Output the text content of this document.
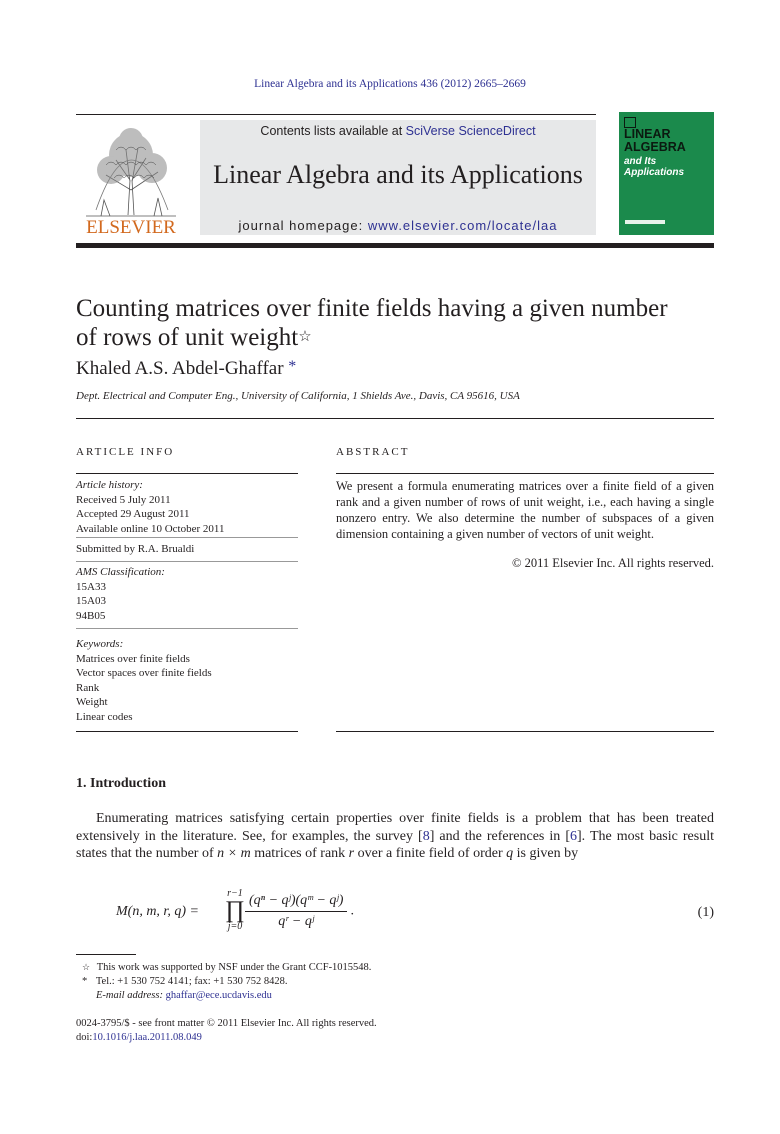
Linear Algebra and its Applications 436 (2012) 2665–2669
ELSEVIER
Contents lists available at SciVerse ScienceDirect
Linear Algebra and its Applications
journal homepage: www.elsevier.com/locate/laa
LINEAR
ALGEBRA
and Its
Applications
Counting matrices over finite fields having a given number
of rows of unit weight☆
Khaled A.S. Abdel-Ghaffar *
Dept. Electrical and Computer Eng., University of California, 1 Shields Ave., Davis, CA 95616, USA
ARTICLE INFO
Article history:
Received 5 July 2011
Accepted 29 August 2011
Available online 10 October 2011
Submitted by R.A. Brualdi
AMS Classification:
15A33
15A03
94B05
Keywords:
Matrices over finite fields
Vector spaces over finite fields
Rank
Weight
Linear codes
ABSTRACT
We present a formula enumerating matrices over a finite field of a given rank and a given number of rows of unit weight, i.e., each having a single nonzero entry. We also determine the number of subspaces of a given dimension containing a given number of vectors of unit weight.
© 2011 Elsevier Inc. All rights reserved.
1. Introduction
Enumerating matrices satisfying certain properties over finite fields is a problem that has been treated extensively in the literature. See, for examples, the survey [8] and the references in [6]. The most basic result states that the number of n × m matrices of rank r over a finite field of order q is given by
M(n, m, r, q) =
r−1
∏
$j=0 \frac{\text{(qⁿ − qʲ)(qᵐ − qʲ)}}{\text{qʳ − qʲ}}$ .	(1)
☆ This work was supported by NSF under the Grant CCF-1015548.
* Tel.: +1 530 752 4141; fax: +1 530 752 8428.
E-mail address: ghaffar@ece.ucdavis.edu
0024-3795/$ - see front matter © 2011 Elsevier Inc. All rights reserved.
doi:10.1016/j.laa.2011.08.049
